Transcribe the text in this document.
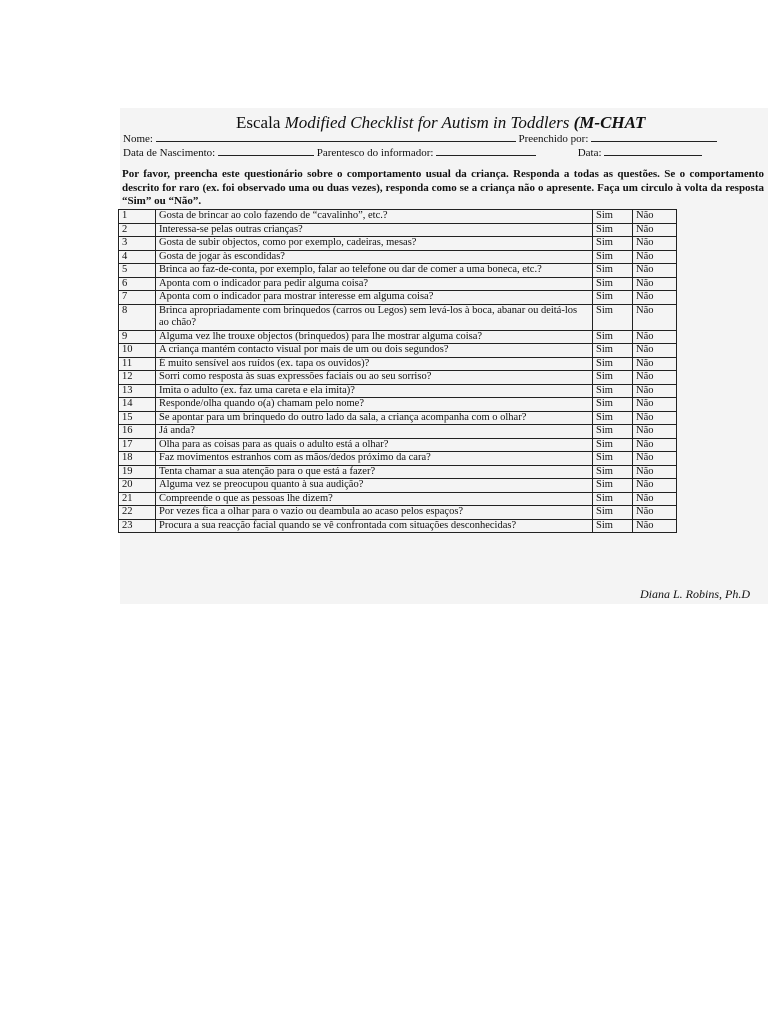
Escala Modified Checklist for Autism in Toddlers (M-CHAT
Nome:	Preenchido por:
Data de Nascimento:	Parentesco do informador:	Data:
Por favor, preencha este questionário sobre o comportamento usual da criança. Responda a todas as questões. Se o comportamento descrito for raro (ex. foi observado uma ou duas vezes), responda como se a criança não o apresente. Faça um circulo à volta da resposta “Sim” ou “Não”.
1	Gosta de brincar ao colo fazendo de “cavalinho”, etc.?	Sim	Não
2	Interessa-se pelas outras crianças?	Sim	Não
3	Gosta de subir objectos, como por exemplo, cadeiras, mesas?	Sim	Não
4	Gosta de jogar às escondidas?	Sim	Não
5	Brinca ao faz-de-conta, por exemplo, falar ao telefone ou dar de comer a uma boneca, etc.?	Sim	Não
6	Aponta com o indicador para pedir alguma coisa?	Sim	Não
7	Aponta com o indicador para mostrar interesse em alguma coisa?	Sim	Não
8	Brinca apropriadamente com brinquedos (carros ou Legos) sem levá-los à boca, abanar ou deitá-los ao chão?	Sim	Não
9	Alguma vez lhe trouxe objectos (brinquedos) para lhe mostrar alguma coisa?	Sim	Não
10	A criança mantém contacto visual por mais de um ou dois segundos?	Sim	Não
11	É muito sensível aos ruídos (ex. tapa os ouvidos)?	Sim	Não
12	Sorri como resposta às suas expressões faciais ou ao seu sorriso?	Sim	Não
13	Imita o adulto (ex. faz uma careta e ela imita)?	Sim	Não
14	Responde/olha quando o(a) chamam pelo nome?	Sim	Não
15	Se apontar para um brinquedo do outro lado da sala, a criança acompanha com o olhar?	Sim	Não
16	Já anda?	Sim	Não
17	Olha para as coisas para as quais o adulto está a olhar?	Sim	Não
18	Faz movimentos estranhos com as mãos/dedos próximo da cara?	Sim	Não
19	Tenta chamar a sua atenção para o que está a fazer?	Sim	Não
20	Alguma vez se preocupou quanto à sua audição?	Sim	Não
21	Compreende o que as pessoas lhe dizem?	Sim	Não
22	Por vezes fica a olhar para o vazio ou deambula ao acaso pelos espaços?	Sim	Não
23	Procura a sua reacção facial quando se vê confrontada com situações desconhecidas?	Sim	Não
Diana L. Robins, Ph.D
